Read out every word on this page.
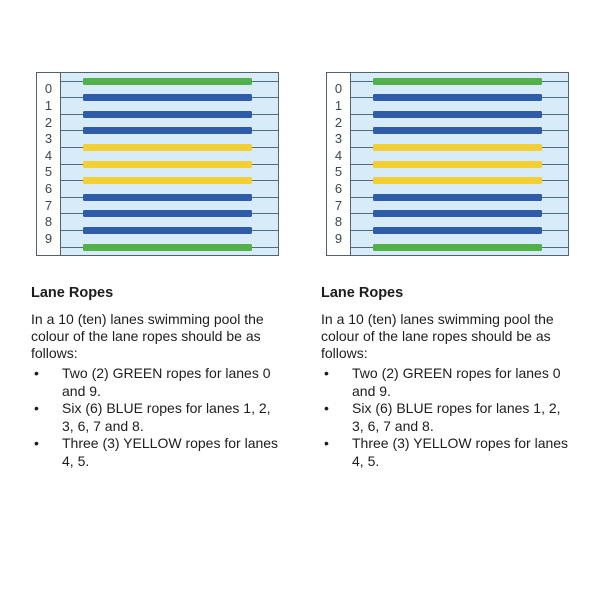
0
1
2
3
4
5
6
7
8
9
Lane Ropes

In a 10 (ten) lanes swimming pool the colour of the lane ropes should be as follows:

• Two (2) GREEN ropes for lanes 0 and 9.
• Six (6) BLUE ropes for lanes 1, 2, 3, 6, 7 and 8.
• Three (3) YELLOW ropes for lanes 4, 5.
0
1
2
3
4
5
6
7
8
9
Lane Ropes

In a 10 (ten) lanes swimming pool the colour of the lane ropes should be as follows:

• Two (2) GREEN ropes for lanes 0 and 9.
• Six (6) BLUE ropes for lanes 1, 2, 3, 6, 7 and 8.
• Three (3) YELLOW ropes for lanes 4, 5.
